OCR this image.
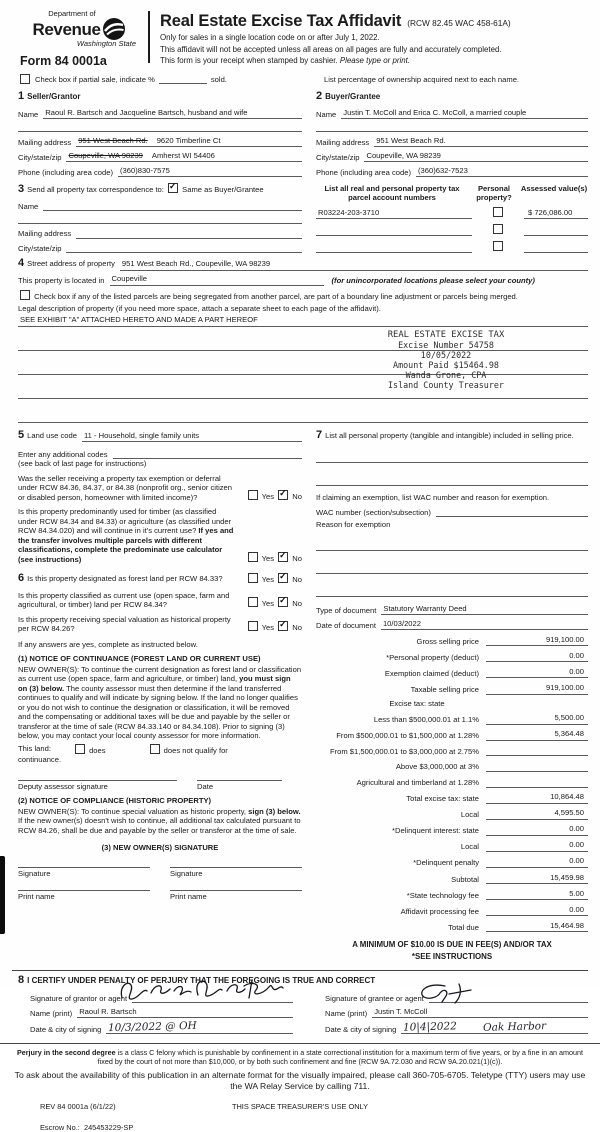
Department of
Revenue
Washington State
Form 84 0001a
Real Estate Excise Tax Affidavit (RCW 82.45 WAC 458-61A)
Only for sales in a single location code on or after July 1, 2022.
This affidavit will not be accepted unless all areas on all pages are fully and accurately completed.
This form is your receipt when stamped by cashier. Please type or print.
Check box if partial sale, indicate %	sold.	List percentage of ownership acquired next to each name.
1 Seller/Grantor
Name Raoul R. Bartsch and Jacqueline Bartsch, husband and wife
Mailing address 951 West Beach Rd. 9620 Timberline Ct
City/state/zip Coupeville, WA 98239 Amherst WI 54406
Phone (including area code) (360)830-7575
3 Send all property tax correspondence to: ✓ Same as Buyer/Grantee
Name
Mailing address
City/state/zip
2 Buyer/Grantee
Name Justin T. McColl and Erica C. McColl, a married couple
Mailing address 951 West Beach Rd.
City/state/zip Coupeville, WA 98239
Phone (including area code) (360)632-7523
List all real and personal property tax parcel account numbers
Personal property?
Assessed value(s)
R03224-203-3710	$ 726,086.00
4 Street address of property 951 West Beach Rd., Coupeville, WA 98239
This property is located in Coupeville	(for unincorporated locations please select your county)
Check box if any of the listed parcels are being segregated from another parcel, are part of a boundary line adjustment or parcels being merged.
Legal description of property (if you need more space, attach a separate sheet to each page of the affidavit).
SEE EXHIBIT "A" ATTACHED HERETO AND MADE A PART HEREOF
REAL ESTATE EXCISE TAX
Excise Number 54758
10/05/2022
Amount Paid $15464.98
Wanda Grone, CPA
Island County Treasurer
5 Land use code 11 - Household, single family units
Enter any additional codes
(see back of last page for instructions)
Was the seller receiving a property tax exemption or deferral under RCW 84.36, 84.37, or 84.38 (nonprofit org., senior citizen or disabled person, homeowner with limited income)?	Yes ✓ No
Is this property predominantly used for timber (as classified under RCW 84.34 and 84.33) or agriculture (as classified under RCW 84.34.020) and will continue in it's current use? If yes and the transfer involves multiple parcels with different classifications, complete the predominate use calculator (see instructions)	Yes ✓ No
6 Is this property designated as forest land per RCW 84.33?	Yes ✓ No
Is this property classified as current use (open space, farm and agricultural, or timber) land per RCW 84.34?	Yes ✓ No
Is this property receiving special valuation as historical property per RCW 84.26?	Yes ✓ No
If any answers are yes, complete as instructed below.
(1) NOTICE OF CONTINUANCE (FOREST LAND OR CURRENT USE)
NEW OWNER(S): To continue the current designation as forest land or classification as current use (open space, farm and agriculture, or timber) land, you must sign on (3) below. The county assessor must then determine if the land transferred continues to qualify and will indicate by signing below. If the land no longer qualifies or you do not wish to continue the designation or classification, it will be removed and the compensating or additional taxes will be due and payable by the seller or transferor at the time of sale (RCW 84.33.140 or 84.34.108). Prior to signing (3) below, you may contact your local county assessor for more information.
This land:	does	does not qualify for
continuance.
Deputy assessor signature	Date
(2) NOTICE OF COMPLIANCE (HISTORIC PROPERTY)
NEW OWNER(S): To continue special valuation as historic property, sign (3) below. If the new owner(s) doesn't wish to continue, all additional tax calculated pursuant to RCW 84.26, shall be due and payable by the seller or transferor at the time of sale.
(3) NEW OWNER(S) SIGNATURE
Signature	Signature
Print name	Print name
7 List all personal property (tangible and intangible) included in selling price.
If claiming an exemption, list WAC number and reason for exemption.
WAC number (section/subsection)
Reason for exemption
Type of document Statutory Warranty Deed
Date of document 10/03/2022
Gross selling price	919,100.00
*Personal property (deduct)	0.00
Exemption claimed (deduct)	0.00
Taxable selling price	919,100.00
Excise tax: state
Less than $500,000.01 at 1.1%	5,500.00
From $500,000.01 to $1,500,000 at 1.28%	5,364.48
From $1,500,000.01 to $3,000,000 at 2.75%
Above $3,000,000 at 3%
Agricultural and timberland at 1.28%
Total excise tax: state	10,864.48
Local	4,595.50
*Delinquent interest: state	0.00
Local	0.00
*Delinquent penalty	0.00
Subtotal	15,459.98
*State technology fee	5.00
Affidavit processing fee	0.00
Total due	15,464.98
A MINIMUM OF $10.00 IS DUE IN FEE(S) AND/OR TAX
*SEE INSTRUCTIONS
8 I CERTIFY UNDER PENALTY OF PERJURY THAT THE FOREGOING IS TRUE AND CORRECT
Signature of grantor or agent
Name (print) Raoul R. Bartsch
Date & city of signing 10/3/2022 @ OH
Signature of grantee or agent
Name (print) Justin T. McColl
Date & city of signing 10|4|2022 Oak Harbor
Perjury in the second degree is a class C felony which is punishable by confinement in a state correctional institution for a maximum term of five years, or by a fine in an amount fixed by the court of not more than $10,000, or by both such confinement and fine (RCW 9A.72.030 and RCW 9A.20.021(1)(c)).
To ask about the availability of this publication in an alternate format for the visually impaired, please call 360-705-6705. Teletype (TTY) users may use the WA Relay Service by calling 711.
REV 84 0001a (6/1/22)	THIS SPACE TREASURER'S USE ONLY
Escrow No.: 245453229-SP
